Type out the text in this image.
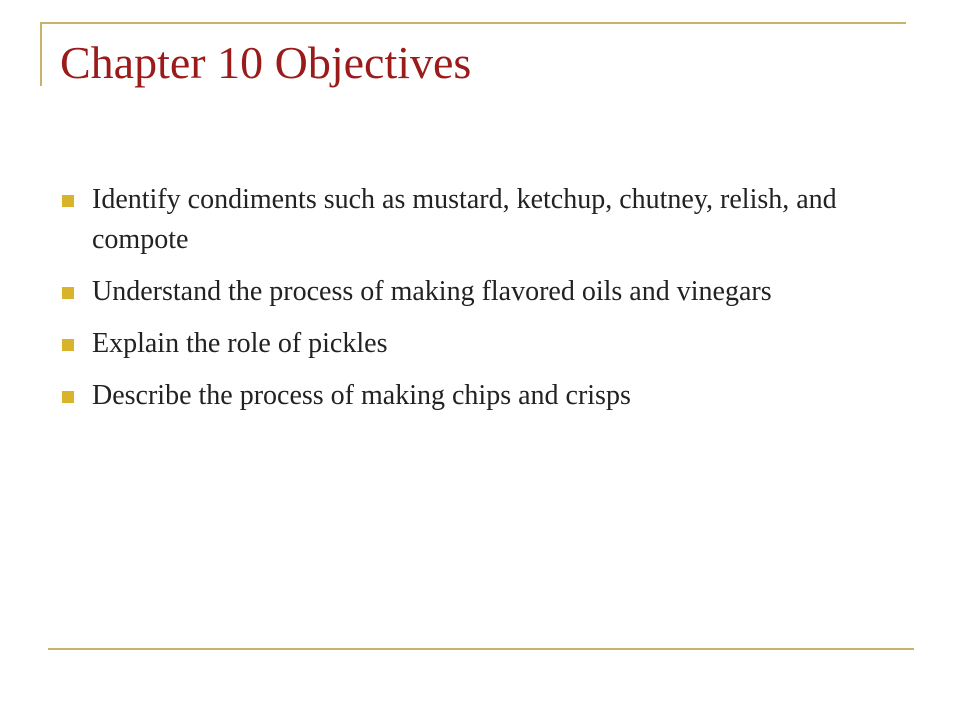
Chapter 10 Objectives
Identify condiments such as mustard, ketchup, chutney, relish, and compote
Understand the process of making flavored oils and vinegars
Explain the role of pickles
Describe the process of making chips and crisps
